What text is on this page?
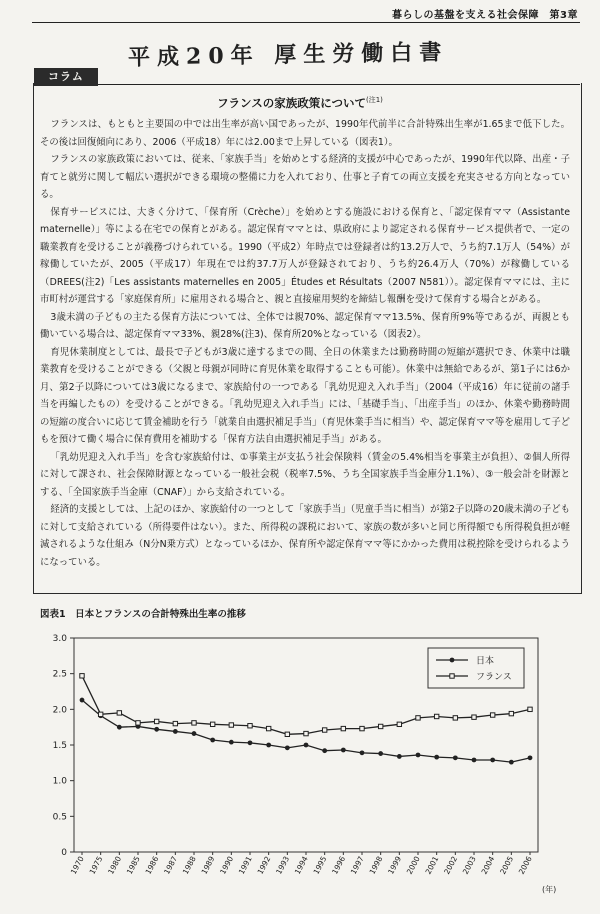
暮らしの基盤を支える社会保障　第3章
平成20年 厚生労働白書
コラム
フランスの家族政策について$^{(注1)}$

フランスは、もともと主要国の中では出生率が高い国であったが、1990年代前半に合計特殊出生率が1.65まで低下した。その後は回復傾向にあり、2006（平成18）年には2.00まで上昇している（図表1）。

フランスの家族政策においては、従来、「家族手当」を始めとする経済的支援が中心であったが、1990年代以降、出産・子育てと就労に関して幅広い選択ができる環境の整備に力を入れており、仕事と子育ての両立支援を充実させる方向となっている。

保育サービスには、大きく分けて、「保育所（Crèche）」を始めとする施設における保育と、「認定保育ママ（Assistante maternelle）」等による在宅での保育とがある。認定保育ママとは、県政府により認定される保育サービス提供者で、一定の職業教育を受けることが義務づけられている。1990（平成2）年時点では登録者は約13.2万人で、うち約7.1万人（54%）が稼働していたが、2005（平成17）年現在では約37.7万人が登録されており、うち約26.4万人（70%）が稼働している（DREES(注2)「Les assistants maternelles en 2005」Études et Résultats（2007 N581））。認定保育ママには、主に市町村が運営する「家庭保育所」に雇用される場合と、親と直接雇用契約を締結し報酬を受けて保育する場合とがある。

3歳未満の子どもの主たる保育方法については、全体では親70%、認定保育ママ13.5%、保育所9%等であるが、両親とも働いている場合は、認定保育ママ33%、親28%(注3)、保育所20%となっている（図表2）。

育児休業制度としては、最長で子どもが3歳に達するまでの間、全日の休業または勤務時間の短縮が選択でき、休業中は職業教育を受けることができる（父親と母親が同時に育児休業を取得することも可能）。休業中は無給であるが、第1子には6か月、第2子以降については3歳になるまで、家族給付の一つである「乳幼児迎え入れ手当」（2004（平成16）年に従前の諸手当を再編したもの）を受けることができる。「乳幼児迎え入れ手当」には、「基礎手当」、「出産手当」のほか、休業や勤務時間の短縮の度合いに応じて賃金補助を行う「就業自由選択補足手当」（育児休業手当に相当）や、認定保育ママ等を雇用して子どもを預けて働く場合に保育費用を補助する「保育方法自由選択補足手当」がある。

「乳幼児迎え入れ手当」を含む家族給付は、①事業主が支払う社会保険料（賃金の5.4%相当を事業主が負担）、②個人所得に対して課され、社会保障財源となっている一般社会税（税率7.5%、うち全国家族手当金庫分1.1%）、③一般会計を財源とする、「全国家族手当金庫（CNAF）」から支給されている。

経済的支援としては、上記のほか、家族給付の一つとして「家族手当」（児童手当に相当）が第2子以降の20歳未満の子どもに対して支給されている（所得要件はない）。また、所得税の課税において、家族の数が多いと同じ所得額でも所得税負担が軽減されるような仕組み（N分N乗方式）となっているほか、保育所や認定保育ママ等にかかった費用は税控除を受けられるようになっている。

図表1　日本とフランスの合計特殊出生率の推移
0
0.5
1.0
1.5
2.0
2.5
3.0
1970 1975 1980 1985 1986 1987 1988 1989 1990 1991 1992 1993 1994 1995 1996 1997 1998 1999 2000 2001 2002 2003 2004 2005 2006
(年)
日本
フランス
